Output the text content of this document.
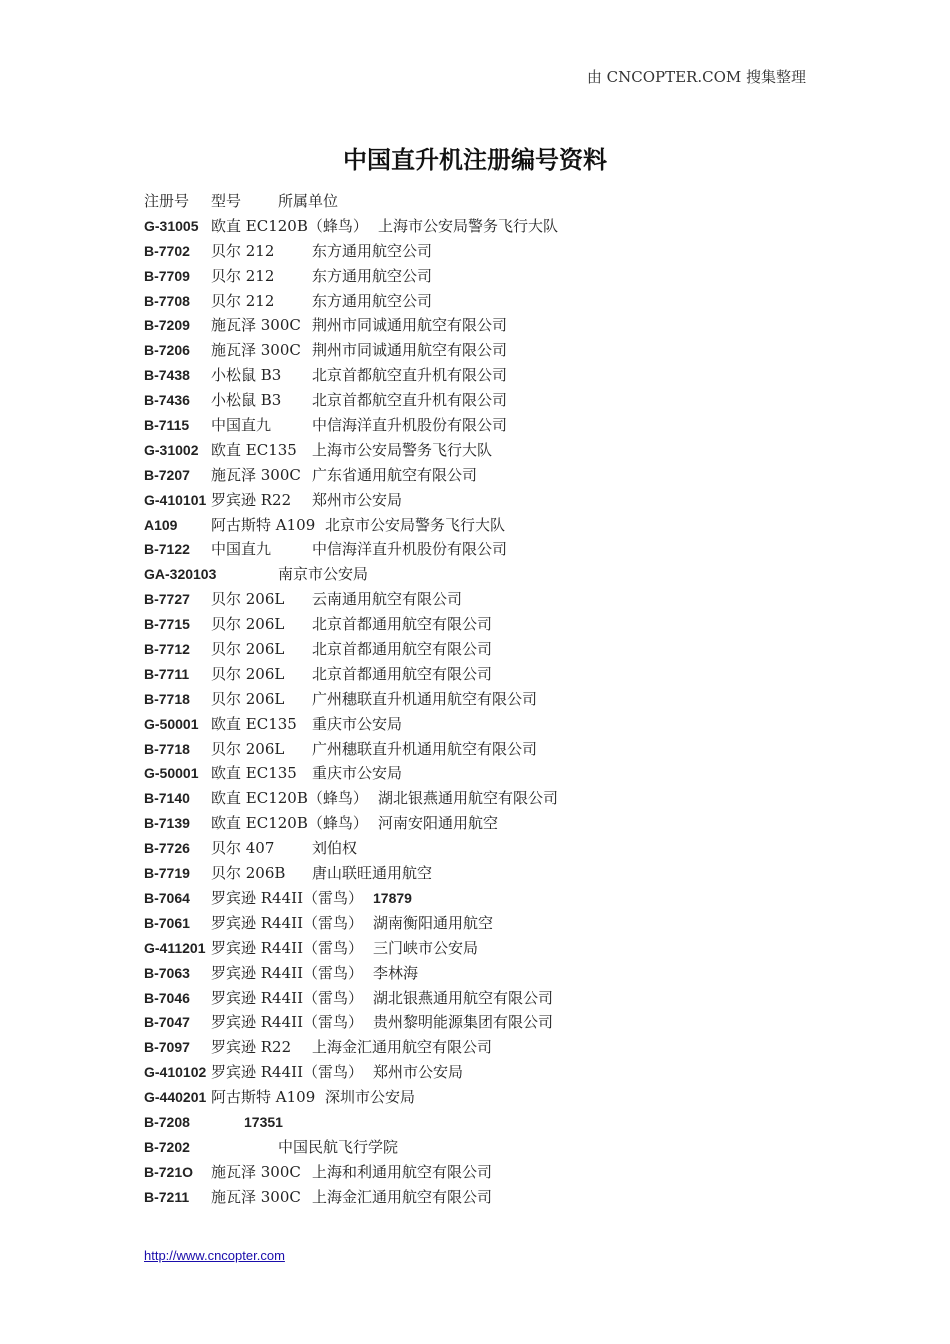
由 CNCOPTER.COM 搜集整理
中国直升机注册编号资料
注册号 型号 所属单位
G-31005 欧直 EC120B（蜂鸟） 上海市公安局警务飞行大队
B-7702 贝尔 212	东方通用航空公司
B-7709 贝尔 212	东方通用航空公司
B-7708 贝尔 212	东方通用航空公司
B-7209 施瓦泽 300C 荆州市同诚通用航空有限公司
B-7206 施瓦泽 300C 荆州市同诚通用航空有限公司
B-7438 小松鼠 B3 北京首都航空直升机有限公司
B-7436 小松鼠 B3 北京首都航空直升机有限公司
B-7115 中国直九	中信海洋直升机股份有限公司
G-31002 欧直 EC135 上海市公安局警务飞行大队
B-7207 施瓦泽 300C 广东省通用航空有限公司
G-410101 罗宾逊 R22 郑州市公安局
A109 阿古斯特 A109 北京市公安局警务飞行大队
B-7122 中国直九	中信海洋直升机股份有限公司
GA-320103	南京市公安局
B-7727 贝尔 206L 云南通用航空有限公司
B-7715 贝尔 206L 北京首都通用航空有限公司
B-7712 贝尔 206L 北京首都通用航空有限公司
B-7711 贝尔 206L 北京首都通用航空有限公司
B-7718 贝尔 206L 广州穗联直升机通用航空有限公司
G-50001 欧直 EC135 重庆市公安局
B-7718 贝尔 206L 广州穗联直升机通用航空有限公司
G-50001 欧直 EC135 重庆市公安局
B-7140 欧直 EC120B（蜂鸟） 湖北银燕通用航空有限公司
B-7139 欧直 EC120B（蜂鸟） 河南安阳通用航空
B-7726 贝尔 407	刘伯权
B-7719 贝尔 206B 唐山联旺通用航空
B-7064 罗宾逊 R44II（雷鸟） 17879
B-7061 罗宾逊 R44II（雷鸟） 湖南衡阳通用航空
G-411201 罗宾逊 R44II（雷鸟） 三门峡市公安局
B-7063 罗宾逊 R44II（雷鸟） 李林海
B-7046 罗宾逊 R44II（雷鸟） 湖北银燕通用航空有限公司
B-7047 罗宾逊 R44II（雷鸟） 贵州黎明能源集团有限公司
B-7097 罗宾逊 R22 上海金汇通用航空有限公司
G-410102 罗宾逊 R44II（雷鸟） 郑州市公安局
G-440201 阿古斯特 A109 深圳市公安局
B-7208	17351
B-7202	中国民航飞行学院
B-721O 施瓦泽 300C 上海和利通用航空有限公司
B-7211 施瓦泽 300C 上海金汇通用航空有限公司
http://www.cncopter.com
